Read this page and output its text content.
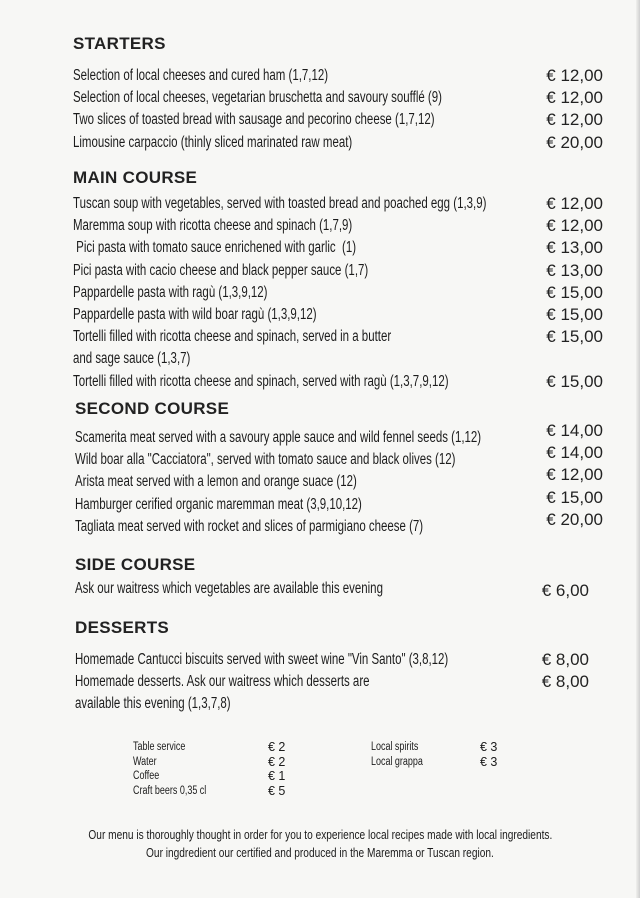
STARTERS
Selection of local cheeses and cured ham (1,7,12)	€ 12,00
Selection of local cheeses, vegetarian bruschetta and savoury soufflé (9)	€ 12,00
Two slices of toasted bread with sausage and pecorino cheese (1,7,12)	€ 12,00
Limousine carpaccio (thinly sliced marinated raw meat)	€ 20,00
MAIN COURSE
Tuscan soup with vegetables, served with toasted bread and poached egg (1,3,9)	€ 12,00
Maremma soup with ricotta cheese and spinach (1,7,9)	€ 12,00
Pici pasta with tomato sauce enrichened with garlic  (1)	€ 13,00
Pici pasta with cacio cheese and black pepper sauce (1,7)	€ 13,00
Pappardelle pasta with ragù (1,3,9,12)	€ 15,00
Pappardelle pasta with wild boar ragù (1,3,9,12)	€ 15,00
Tortelli filled with ricotta cheese and spinach, served in a butter	€ 15,00
and sage sauce (1,3,7)
Tortelli filled with ricotta cheese and spinach, served with ragù (1,3,7,9,12)	€ 15,00
SECOND COURSE
Scamerita meat served with a savoury apple sauce and wild fennel seeds (1,12)	€ 14,00
Wild boar alla "Cacciatora", served with tomato sauce and black olives (12)	€ 14,00
Arista meat served with a lemon and orange suace (12)	€ 12,00
Hamburger cerified organic maremman meat (3,9,10,12)	€ 15,00
Tagliata meat served with rocket and slices of parmigiano cheese (7)	€ 20,00
SIDE COURSE
Ask our waitress which vegetables are available this evening	€ 6,00
DESSERTS
Homemade Cantucci biscuits served with sweet wine "Vin Santo" (3,8,12)	€ 8,00
Homemade desserts. Ask our waitress which desserts are	€ 8,00
available this evening (1,3,7,8)
Table service	€ 2
Water	€ 2
Coffee	€ 1
Craft beers 0,35 cl	€ 5
Local spirits	€ 3
Local grappa	€ 3
Our menu is thoroughly thought in order for you to experience local recipes made with local ingredients.
Our ingdredient our certified and produced in the Maremma or Tuscan region.
